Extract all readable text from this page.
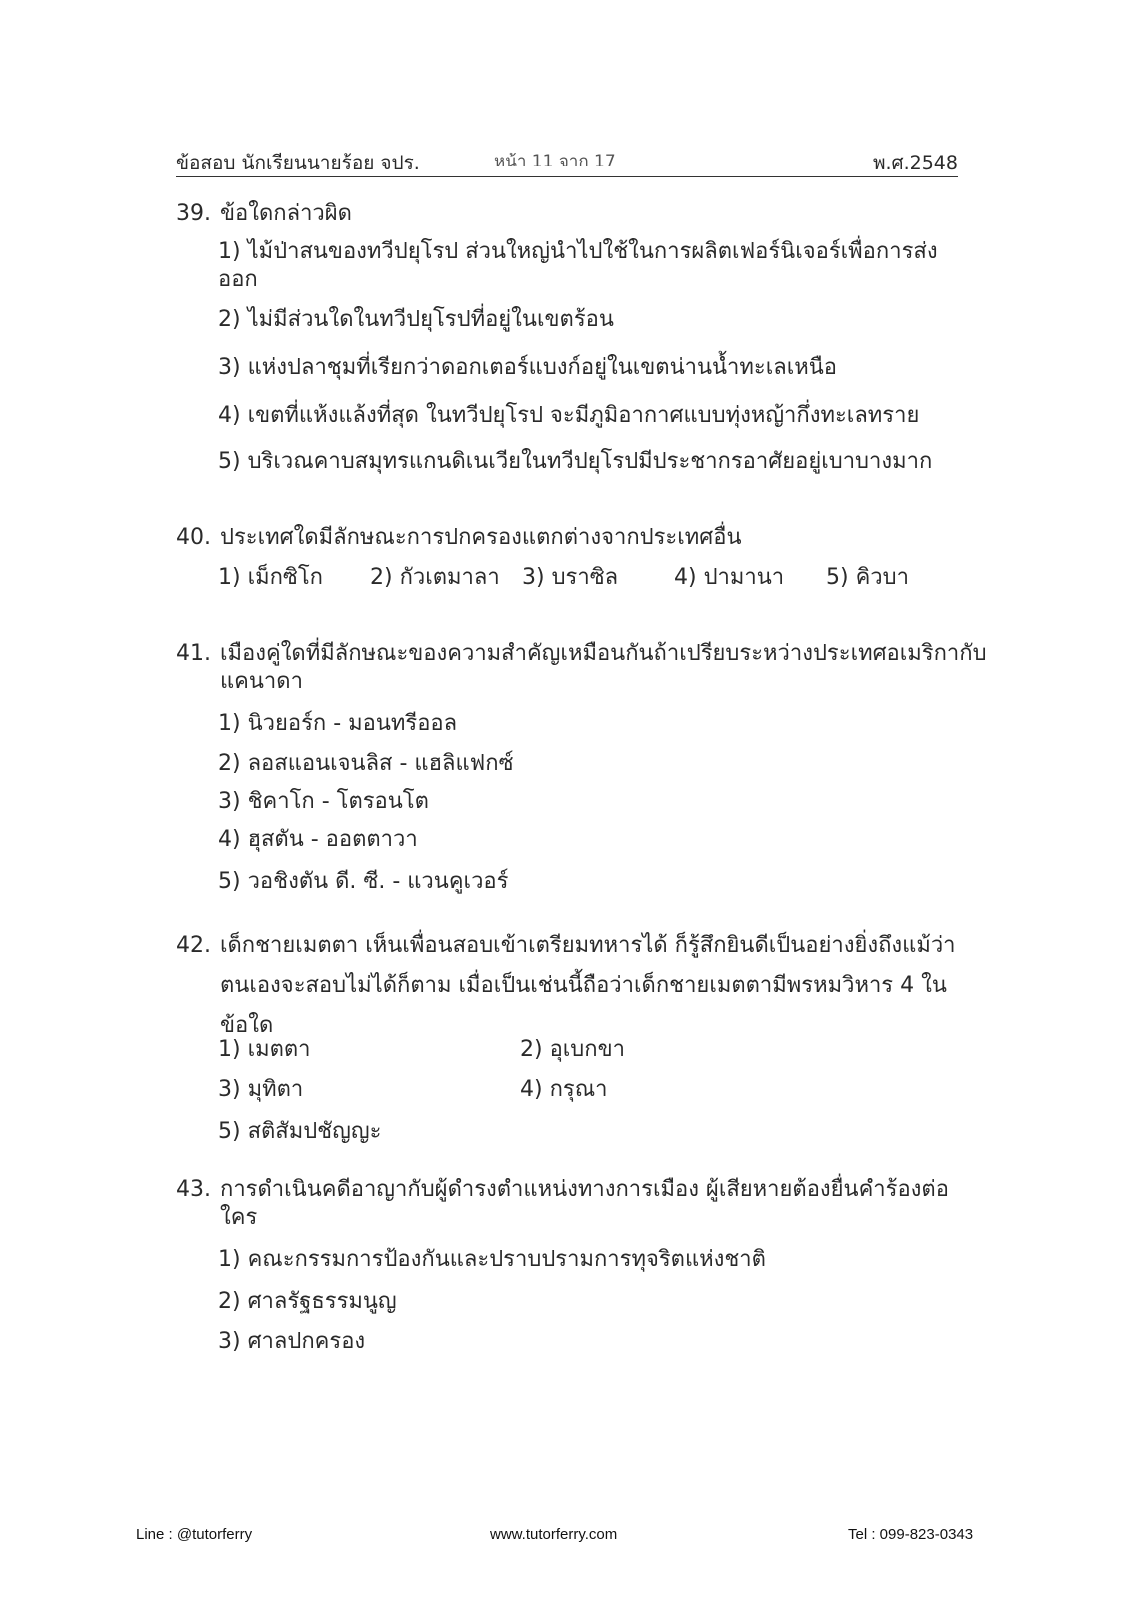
ข้อสอบ นักเรียนนายร้อย จปร.	หน้า 11 จาก 17	พ.ศ.2548
39. ข้อใดกล่าวผิด
1) ไม้ป่าสนของทวีปยุโรป ส่วนใหญ่นำไปใช้ในการผลิตเฟอร์นิเจอร์เพื่อการส่งออก
2) ไม่มีส่วนใดในทวีปยุโรปที่อยู่ในเขตร้อน
3) แห่งปลาชุมที่เรียกว่าดอกเตอร์แบงก์อยู่ในเขตน่านน้ำทะเลเหนือ
4) เขตที่แห้งแล้งที่สุด ในทวีปยุโรป จะมีภูมิอากาศแบบทุ่งหญ้ากึ่งทะเลทราย
5) บริเวณคาบสมุทรแกนดิเนเวียในทวีปยุโรปมีประชากรอาศัยอยู่เบาบางมาก
40. ประเทศใดมีลักษณะการปกครองแตกต่างจากประเทศอื่น
1) เม็กซิโก 2) กัวเตมาลา 3) บราซิล	4) ปามานา 5) คิวบา
41. เมืองคู่ใดที่มีลักษณะของความสำคัญเหมือนกันถ้าเปรียบระหว่างประเทศอเมริกากับแคนาดา
1) นิวยอร์ก - มอนทรีออล
2) ลอสแอนเจนลิส - แฮลิแฟกซ์
3) ชิคาโก - โตรอนโต
4) ฮุสตัน - ออตตาวา
5) วอชิงตัน ดี. ซี. - แวนคูเวอร์
42. เด็กชายเมตตา เห็นเพื่อนสอบเข้าเตรียมทหารได้ ก็รู้สึกยินดีเป็นอย่างยิ่งถึงแม้ว่าตนเองจะสอบไม่ได้ก็ตาม เมื่อเป็นเช่นนี้ถือว่าเด็กชายเมตตามีพรหมวิหาร 4 ในข้อใด
1) เมตตา	2) อุเบกขา
3) มุทิตา	4) กรุณา
5) สติสัมปชัญญะ
43. การดำเนินคดีอาญากับผู้ดำรงตำแหน่งทางการเมือง ผู้เสียหายต้องยื่นคำร้องต่อใคร
1) คณะกรรมการป้องกันและปราบปรามการทุจริตแห่งชาติ
2) ศาลรัฐธรรมนูญ
3) ศาลปกครอง
Line : @tutorferry	www.tutorferry.com	Tel : 099-823-0343
